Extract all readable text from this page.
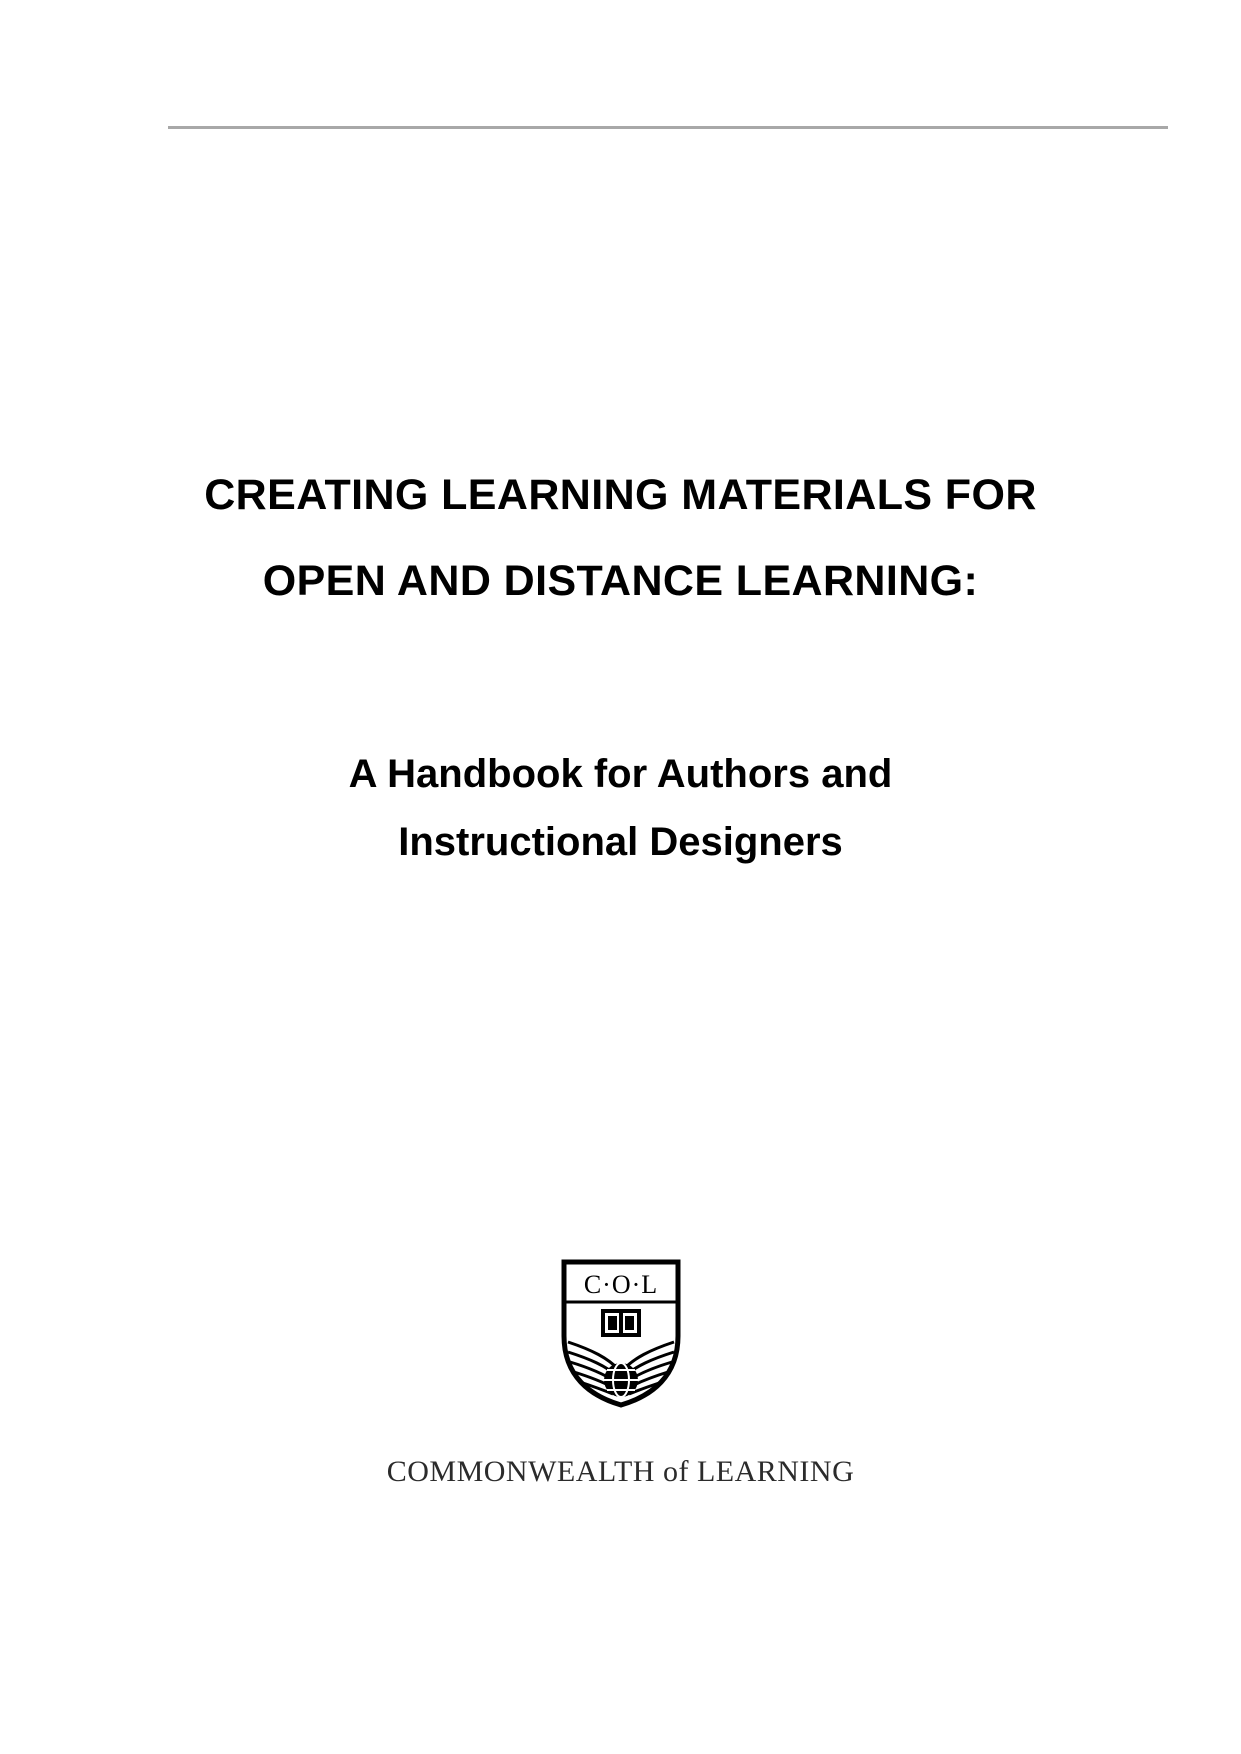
CREATING LEARNING MATERIALS FOR
OPEN AND DISTANCE LEARNING:
A Handbook for Authors and
Instructional Designers
C·O·L
COMMONWEALTH of LEARNING
